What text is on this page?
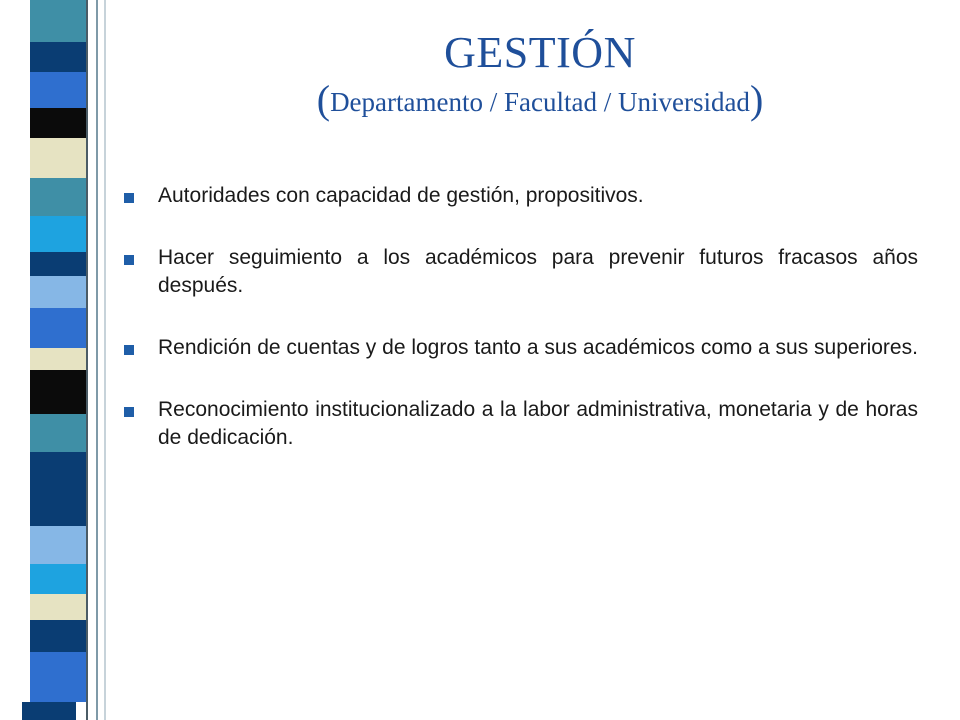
GESTIÓN
(Departamento / Facultad / Universidad)
Autoridades con capacidad de gestión, propositivos.
Hacer seguimiento a los académicos para prevenir futuros fracasos años después.
Rendición de cuentas y de logros tanto a sus académicos como a sus superiores.
Reconocimiento institucionalizado a la labor administrativa, monetaria y de horas de dedicación.
